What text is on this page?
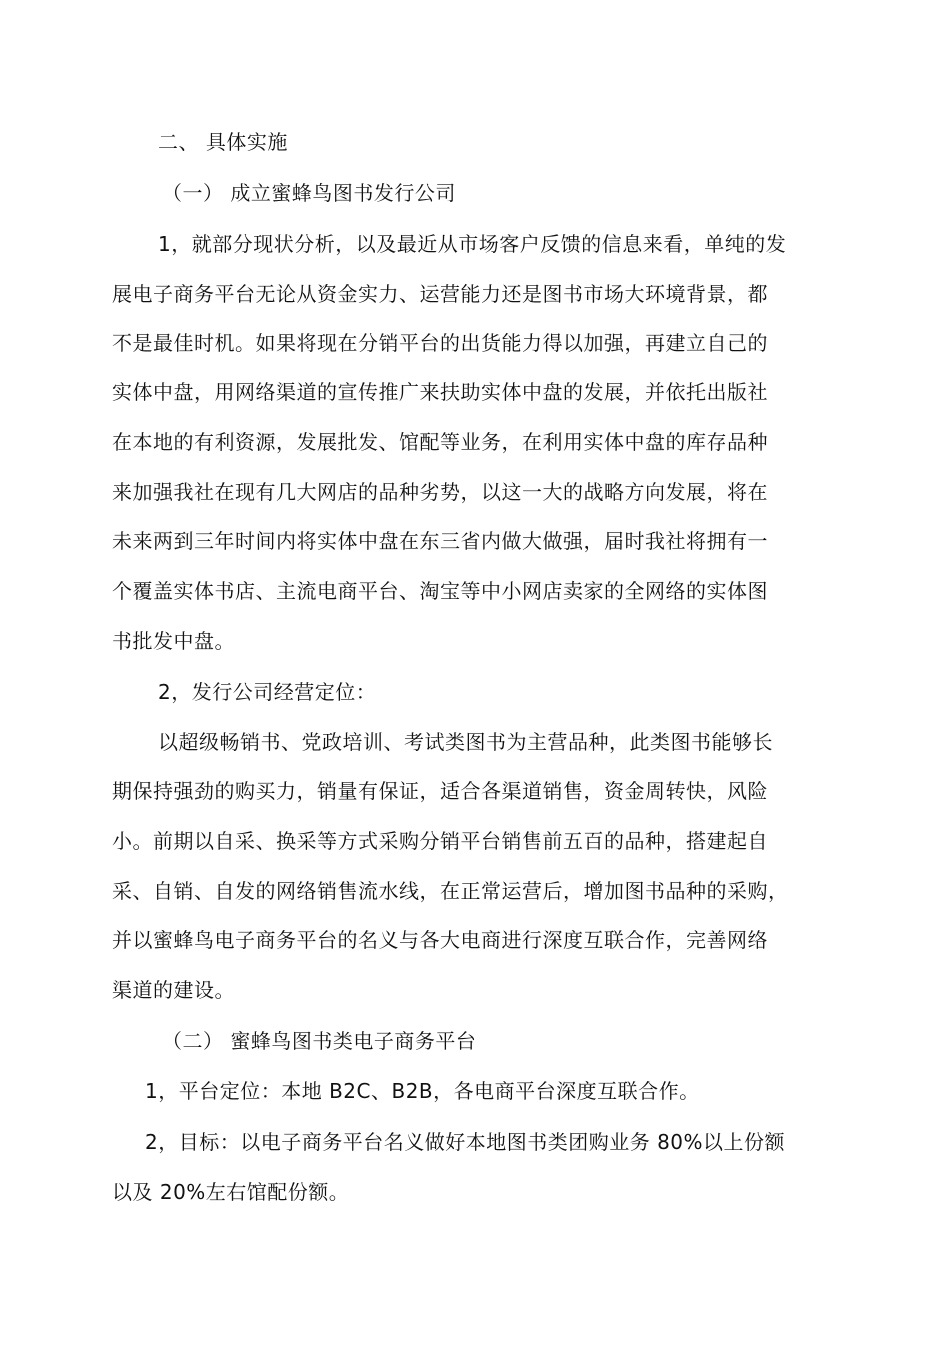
二、 具体实施
（一） 成立蜜蜂鸟图书发行公司
1，就部分现状分析，以及最近从市场客户反馈的信息来看，单纯的发
展电子商务平台无论从资金实力、运营能力还是图书市场大环境背景，都
不是最佳时机。如果将现在分销平台的出货能力得以加强，再建立自己的
实体中盘，用网络渠道的宣传推广来扶助实体中盘的发展，并依托出版社
在本地的有利资源，发展批发、馆配等业务，在利用实体中盘的库存品种
来加强我社在现有几大网店的品种劣势，以这一大的战略方向发展，将在
未来两到三年时间内将实体中盘在东三省内做大做强，届时我社将拥有一
个覆盖实体书店、主流电商平台、淘宝等中小网店卖家的全网络的实体图
书批发中盘。
2，发行公司经营定位：
以超级畅销书、党政培训、考试类图书为主营品种，此类图书能够长
期保持强劲的购买力，销量有保证，适合各渠道销售，资金周转快，风险
小。前期以自采、换采等方式采购分销平台销售前五百的品种，搭建起自
采、自销、自发的网络销售流水线，在正常运营后，增加图书品种的采购，
并以蜜蜂鸟电子商务平台的名义与各大电商进行深度互联合作，完善网络
渠道的建设。
（二） 蜜蜂鸟图书类电子商务平台
1，平台定位：本地 B2C、B2B，各电商平台深度互联合作。
2，目标：以电子商务平台名义做好本地图书类团购业务 80%以上份额
以及 20%左右馆配份额。
